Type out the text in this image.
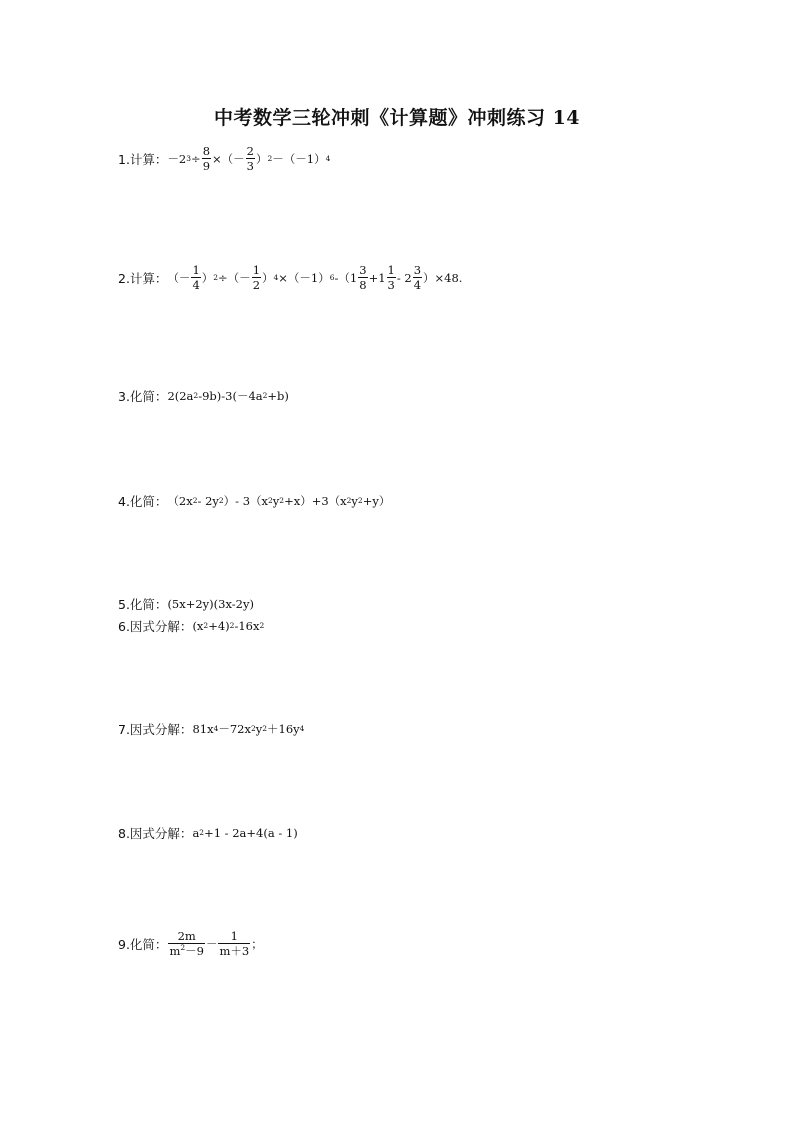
中考数学三轮冲刺《计算题》冲刺练习 14
1.计算： －2 $3 \div \frac{8}{9}$ ×（－ $\frac{2}{3}$ ） 2 －（－1） 4
2.计算： （－ $\frac{1}{4}$ ） 2 ÷（－ $\frac{1}{2}$ ） 4 ×（－1） 6 $-(1 \frac{3}{8} +1 \frac{1}{3} - 2 \frac{3}{4} )\times 48$.
3.化简： 2(2a 2 -9b)-3(－4a 2 +b)
4.化简： （2x 2 - 2y 2 ）- 3（x 2 y 2 +x）+3（x 2 y 2 +y）
5.化简： (5x+2y)(3x-2y)
6.因式分解： (x 2 +4) 2 -16x 2
7.因式分解： 81x 4 －72x 2 y 2 ＋16y 4
8.因式分解： a 2 +1 - 2a+4(a - 1)
9.化简： $\frac{2m}{m^2-9} - \frac{1}{m+3}$ ；
